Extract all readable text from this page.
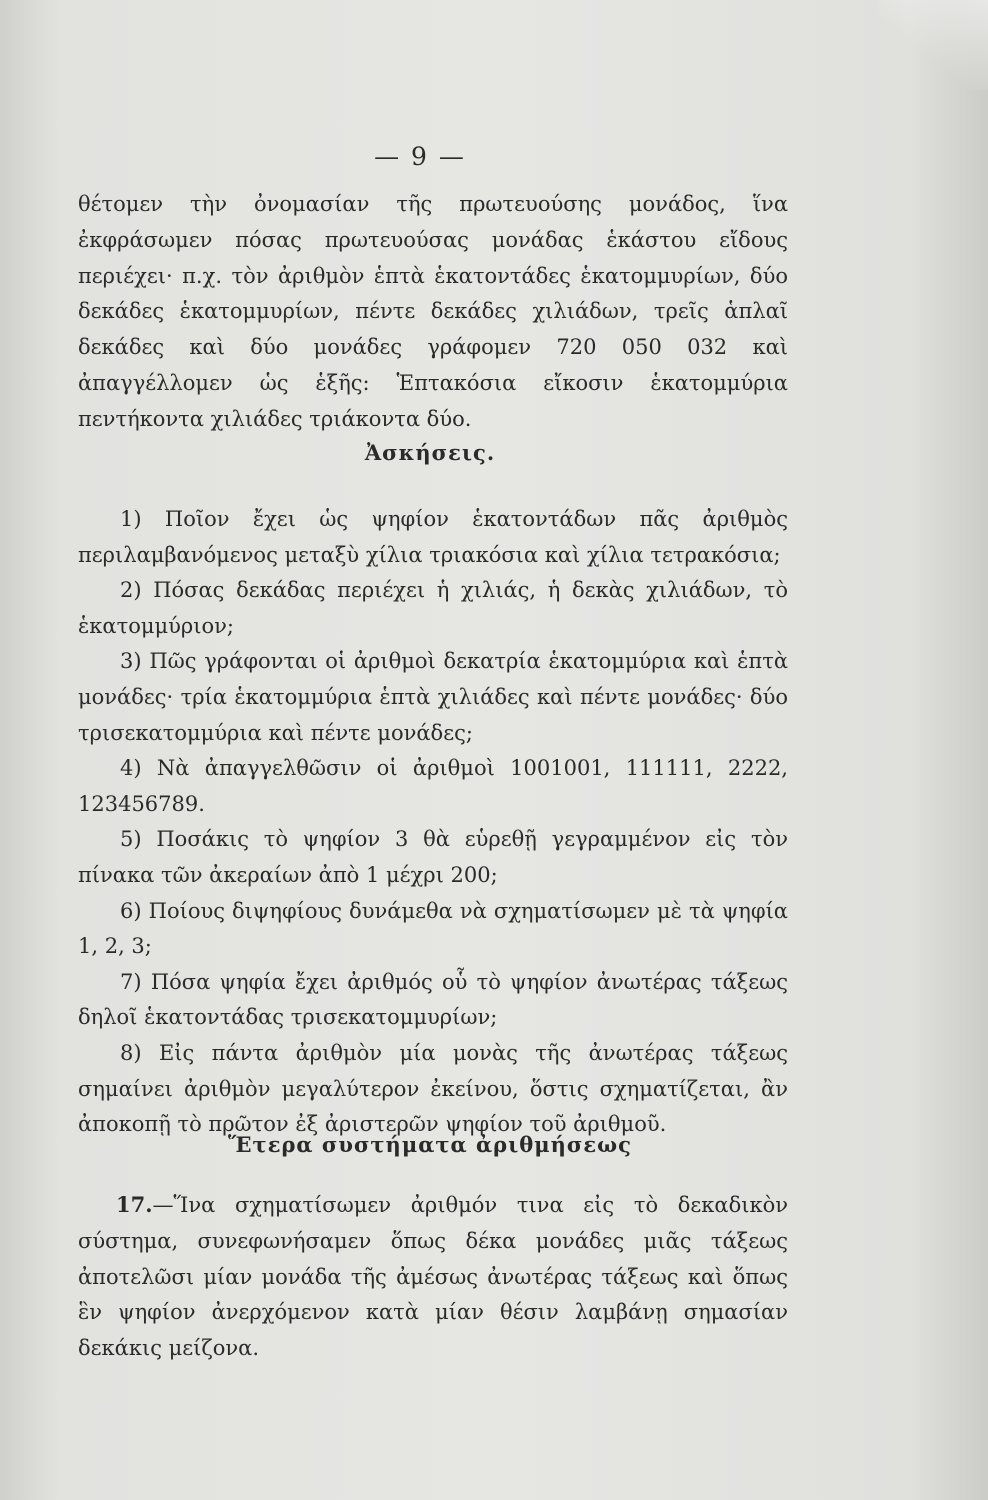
— 9 —
θέτομεν τὴν ὀνομασίαν τῆς πρωτευούσης μονάδος, ἵνα ἐκφράσωμεν πόσας πρωτευούσας μονάδας ἑκάστου εἴδους περιέχει· π.χ. τὸν ἀριθμὸν ἑπτὰ ἑκατοντάδες ἑκατομμυρίων, δύο δεκάδες ἑκατομμυρίων, πέντε δεκάδες χιλιάδων, τρεῖς ἁπλαῖ δεκάδες καὶ δύο μονάδες γράφομεν 720 050 032 καὶ ἀπαγγέλλομεν ὡς ἑξῆς: Ἑπτακόσια εἴκοσιν ἑκατομμύρια πεντήκοντα χιλιάδες τριάκοντα δύο.
Ἀσκήσεις.

1) Ποῖον ἔχει ὡς ψηφίον ἑκατοντάδων πᾶς ἀριθμὸς περιλαμβανόμενος μεταξὺ χίλια τριακόσια καὶ χίλια τετρακόσια;

2) Πόσας δεκάδας περιέχει ἡ χιλιάς, ἡ δεκὰς χιλιάδων, τὸ ἑκατομμύριον;

3) Πῶς γράφονται οἱ ἀριθμοὶ δεκατρία ἑκατομμύρια καὶ ἑπτὰ μονάδες· τρία ἑκατομμύρια ἑπτὰ χιλιάδες καὶ πέντε μονάδες· δύο τρισεκατομμύρια καὶ πέντε μονάδες;

4) Νὰ ἀπαγγελθῶσιν οἱ ἀριθμοὶ 1001001, 111111, 2222, 123456789.

5) Ποσάκις τὸ ψηφίον 3 θὰ εὑρεθῇ γεγραμμένον εἰς τὸν πίνακα τῶν ἀκεραίων ἀπὸ 1 μέχρι 200;

6) Ποίους διψηφίους δυνάμεθα νὰ σχηματίσωμεν μὲ τὰ ψηφία 1, 2, 3;

7) Πόσα ψηφία ἔχει ἀριθμός οὗ τὸ ψηφίον ἀνωτέρας τάξεως δηλοῖ ἑκατοντάδας τρισεκατομμυρίων;

8) Εἰς πάντα ἀριθμὸν μία μονὰς τῆς ἀνωτέρας τάξεως σημαίνει ἀριθμὸν μεγαλύτερον ἐκείνου, ὅστις σχηματίζεται, ἂν ἀποκοπῇ τὸ πρῶτον ἐξ ἀριστερῶν ψηφίον τοῦ ἀριθμοῦ.

Ἕτερα συστήματα ἀριθμήσεως
17.—Ἵνα σχηματίσωμεν ἀριθμόν τινα εἰς τὸ δεκαδικὸν σύστημα, συνεφωνήσαμεν ὅπως δέκα μονάδες μιᾶς τάξεως ἀποτελῶσι μίαν μονάδα τῆς ἀμέσως ἀνωτέρας τάξεως καὶ ὅπως ἓν ψηφίον ἀνερχόμενον κατὰ μίαν θέσιν λαμβάνῃ σημασίαν δεκάκις μείζονα.
